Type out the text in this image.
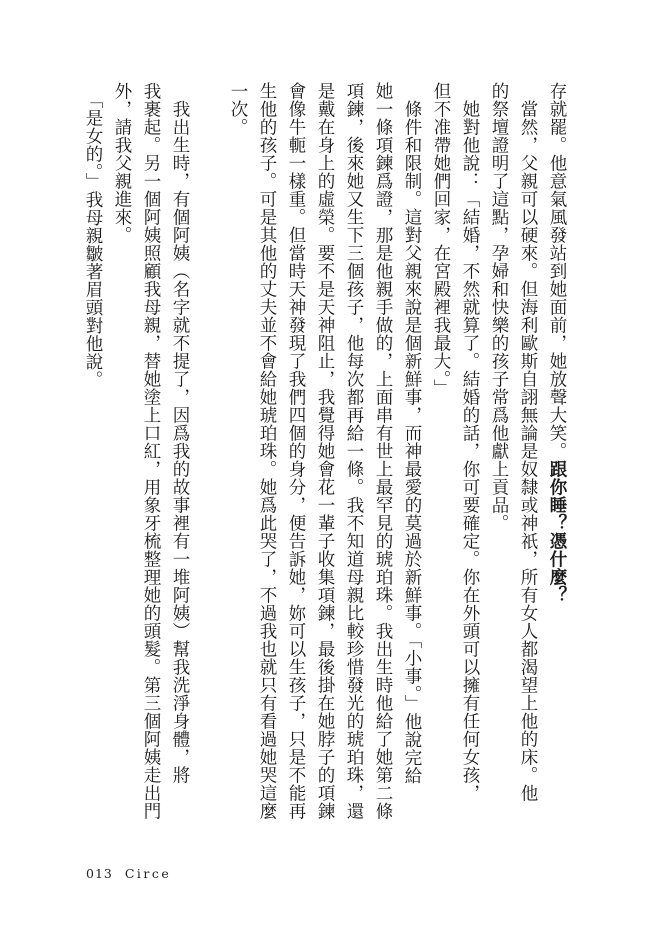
存就罷。他意氣風發站到她面前，她放聲大笑。跟你睡？憑什麼？
　當然，父親可以硬來。但海利歐斯自詡無論是奴隸或神祇，所有女人都渴望上他的床。他
的祭壇證明了這點，孕婦和快樂的孩子常爲他獻上貢品。
　她對他說：「結婚，不然就算了。結婚的話，你可要確定。你在外頭可以擁有任何女孩，
但不准帶她們回家，在宮殿裡我最大。」
　條件和限制。這對父親來說是個新鮮事，而神最愛的莫過於新鮮事。「小事。」他說完給
她一條項鍊爲證，那是他親手做的，上面串有世上最罕見的琥珀珠。我出生時他給了她第二條
項鍊，後來她又生下三個孩子，他每次都再給一條。我不知道母親比較珍惜發光的琥珀珠，還
是戴在身上的虛榮。要不是天神阻止，我覺得她會花一輩子收集項鍊，最後掛在她脖子的項鍊
會像牛軛一樣重。但當時天神發現了我們四個的身分，便告訴她，妳可以生孩子，只是不能再
生他的孩子。可是其他的丈夫並不會給她琥珀珠。她爲此哭了，不過我也就只有看過她哭這麼
一次。

　我出生時，有個阿姨（名字就不提了，因爲我的故事裡有一堆阿姨）幫我洗淨身體，將
我裹起。另一個阿姨照顧我母親，替她塗上口紅，用象牙梳整理她的頭髮。第三個阿姨走出門
外，請我父親進來。
　「是女的。」我母親皺著眉頭對他說。
013 Circe
